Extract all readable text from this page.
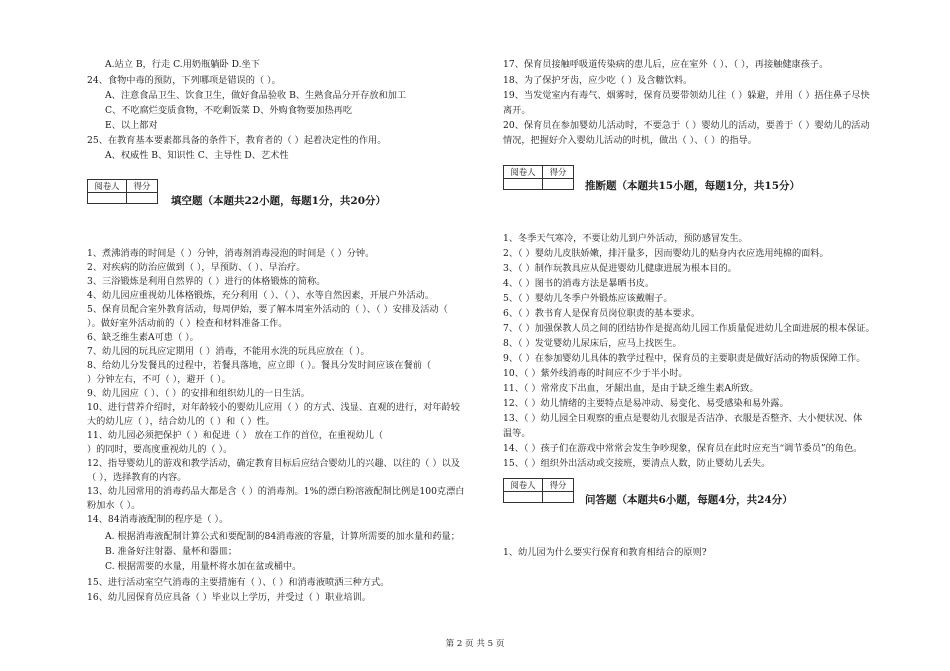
A.站立 B，行走 C.用奶瓶躺卧 D.坐下
24、食物中毒的预防，下列哪项是错误的（ ）。
A、注意食品卫生、饮食卫生，做好食品验收 B、生熟食品分开存放和加工
C、不吃腐烂变质食物，不吃剩饭菜 D、外购食物要加热再吃
E、以上都对
25、在教育基本要素都具备的条件下，教育者的（ ）起着决定性的作用。
A、权威性 B、知识性 C、主导性 D、艺术性
阅卷人	得分

填空题（本题共22小题，每题1分，共20分）
1、煮沸消毒的时间是（ ）分钟，消毒剂消毒浸泡的时间是（ ）分钟。
2、对疾病的防治应做到（ ），早预防、（ ）、早治疗。
3、三浴锻炼是利用自然界的（ ）进行的体格锻炼的简称。
4、幼儿园应重视幼儿体格锻炼，充分利用（ ）、（ ）、水等自然因素，开展户外活动。
5、保育员配合室外教育活动，每周伊始，要了解本周室外活动的（ ）、（ ）安排及活动（
）。做好室外活动前的（ ）检查和材料准备工作。
6、缺乏维生素A可患（ ）。
7、幼儿园的玩具应定期用（ ）消毒，不能用水洗的玩具应放在（ ）。
8、给幼儿分发餐具的过程中，若餐具落地，应立即（ ）。餐具分发时间应该在餐前（
）分钟左右，不可（ ），避开（ ）。
9、幼儿园应（ ）、（ ）的安排和组织幼儿的一日生活。
10、进行营养介绍时，对年龄较小的婴幼儿应用（ ）的方式、浅显、直观的进行，对年龄较
大的幼儿应（ ），结合幼儿的（ ）和（ ）性。
11、幼儿园必须把保护（ ）和促进（ ） 放在工作的首位，在重视幼儿（
）的同时，要高度重视幼儿的（ ）。
12、指导婴幼儿的游戏和教学活动，确定教育目标后应结合婴幼儿的兴趣、以往的（ ）以及
（ ），选择教育的内容。
13、幼儿园常用的消毒药品大都是含（ ）的消毒剂。1%的漂白粉溶液配制比例是100克漂白
粉加水（ ）。
14、84消毒液配制的程序是（ ）。
A. 根据消毒液配制计算公式和要配制的84消毒液的容量，计算所需要的加水量和药量；
B. 准备好注射器、量杯和器皿；
C. 根据需要的水量，用量杯将水加在盆或桶中。
15、进行活动室空气消毒的主要措施有（ ）、（ ）和消毒液喷洒三种方式。
16、幼儿园保育员应具备（ ）毕业以上学历，并受过（ ）职业培训。
17、保育员接触呼吸道传染病的患儿后，应在室外（ ）、（ ），再接触健康孩子。
18、为了保护牙齿，应少吃（ ）及含糖饮料。
19、当发觉室内有毒气、烟雾时，保育员要带领幼儿往（ ）躲避，并用（ ）捂住鼻子尽快
离开。
20、保育员在参加婴幼儿活动时，不要急于（ ）婴幼儿的活动，要善于（ ）婴幼儿的活动
情况，把握好介入婴幼儿活动的时机，做出（ ）、（ ）的指导。
阅卷人	得分

推断题（本题共15小题，每题1分，共15分）
1、冬季天气寒冷，不要让幼儿到户外活动，预防感冒发生。
2、（ ）婴幼儿皮肤娇嫩，排汗量多，因而婴幼儿的贴身内衣应选用纯棉的面料。
3、（ ）制作玩教具应从促进婴幼儿健康进展为根本目的。
4、（ ）图书的消毒方法是暴晒书皮。
5、（ ）婴幼儿冬季户外锻炼应该戴帽子。
6、（ ）教书育人是保育员岗位职责的基本要求。
7、（ ）加强保教人员之间的团结协作是提高幼儿园工作质量促进幼儿全面进展的根本保证。
8、（ ）发觉婴幼儿尿床后，应马上找医生。
9、（ ）在参加婴幼儿具体的教学过程中，保育员的主要职责是做好活动的物质保障工作。
10、（ ）紫外线消毒的时间应不少于半小时。
11、（ ）常常皮下出血，牙龈出血，是由于缺乏维生素A所致。
12、（ ）幼儿情绪的主要特点是易冲动、易变化、易受感染和易外露。
13、（ ）幼儿园全日观察的重点是婴幼儿衣服是否洁净、衣服是否整齐、大小便状况、体
温等。
14、（ ）孩子们在游戏中常常会发生争吵现象，保育员在此时应充当“调节委员”的角色。
15、（ ）组织外出活动或交接班，要清点人数，防止婴幼儿丢失。
阅卷人	得分

问答题（本题共6小题，每题4分，共24分）
1、幼儿园为什么要实行保育和教育相结合的原则?
第 2 页 共 5 页
